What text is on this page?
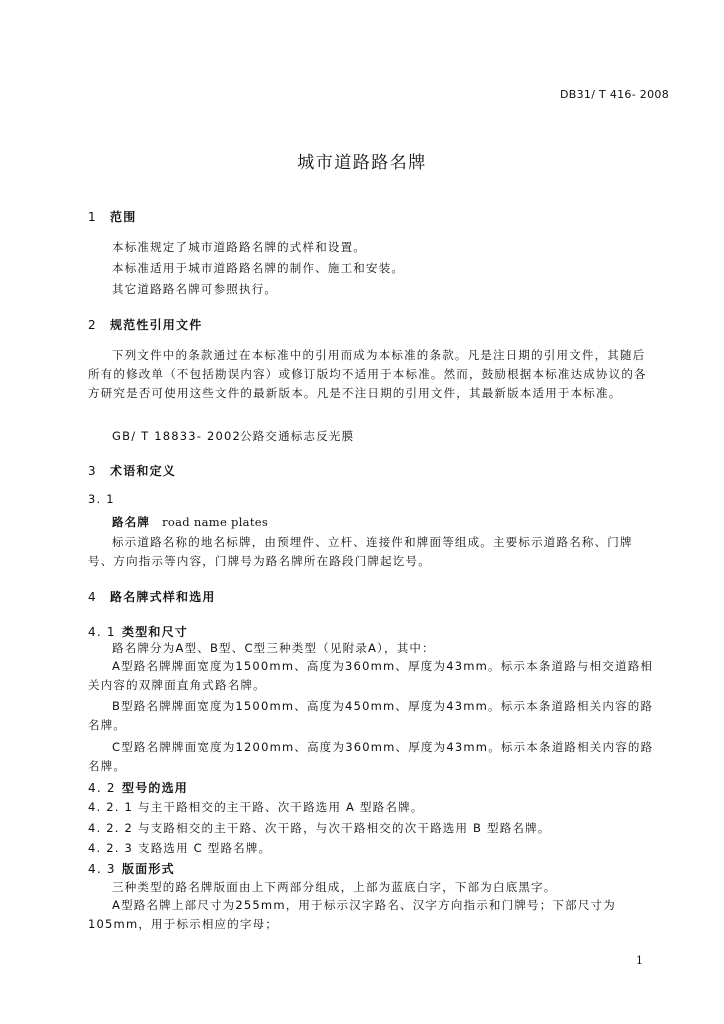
DB31/ T 416- 2008
城市道路路名牌
1 范围
本标准规定了城市道路路名牌的式样和设置。
本标准适用于城市道路路名牌的制作、施工和安装。
其它道路路名牌可参照执行。
2 规范性引用文件
下列文件中的条款通过在本标准中的引用而成为本标准的条款。凡是注日期的引用文件，其随后所有的修改单（不包括勘误内容）或修订版均不适用于本标准。然而，鼓励根据本标准达成协议的各方研究是否可使用这些文件的最新版本。凡是不注日期的引用文件，其最新版本适用于本标准。
GB/ T 18833- 2002公路交通标志反光膜
3 术语和定义
3. 1
路名牌 road name plates
标示道路名称的地名标牌，由预埋件、立杆、连接件和牌面等组成。主要标示道路名称、门牌号、方向指示等内容，门牌号为路名牌所在路段门牌起讫号。
4 路名牌式样和选用
4. 1 类型和尺寸
路名牌分为A型、B型、C型三种类型（见附录A），其中：
A型路名牌牌面宽度为1500mm、高度为360mm、厚度为43mm。标示本条道路与相交道路相关内容的双牌面直角式路名牌。
B型路名牌牌面宽度为1500mm、高度为450mm、厚度为43mm。标示本条道路相关内容的路名牌。
C型路名牌牌面宽度为1200mm、高度为360mm、厚度为43mm。标示本条道路相关内容的路名牌。
4. 2 型号的选用
4. 2. 1 与主干路相交的主干路、次干路选用 A 型路名牌。
4. 2. 2 与支路相交的主干路、次干路，与次干路相交的次干路选用 B 型路名牌。
4. 2. 3 支路选用 C 型路名牌。
4. 3 版面形式
三种类型的路名牌版面由上下两部分组成，上部为蓝底白字，下部为白底黑字。
A型路名牌上部尺寸为255mm，用于标示汉字路名、汉字方向指示和门牌号；下部尺寸为105mm，用于标示相应的字母；
1
